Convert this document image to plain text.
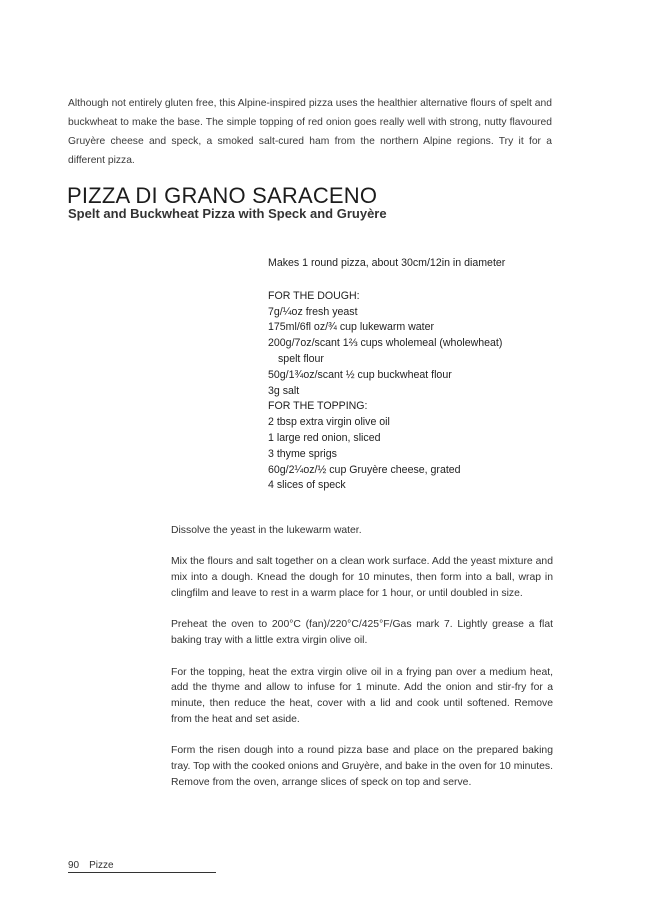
Although not entirely gluten free, this Alpine-inspired pizza uses the healthier alternative flours of spelt and buckwheat to make the base. The simple topping of red onion goes really well with strong, nutty flavoured Gruyère cheese and speck, a smoked salt-cured ham from the northern Alpine regions. Try it for a different pizza.

PIZZA DI GRANO SARACENO
Spelt and Buckwheat Pizza with Speck and Gruyère

Makes 1 round pizza, about 30cm/12in in diameter

FOR THE DOUGH:

7g/¼oz fresh yeast
175ml/6fl oz/¾ cup lukewarm water
200g/7oz/scant 1⅔ cups wholemeal (wholewheat)
spelt flour
50g/1¾oz/scant ½ cup buckwheat flour
3g salt

FOR THE TOPPING:

2 tbsp extra virgin olive oil
1 large red onion, sliced
3 thyme sprigs
60g/2¼oz/½ cup Gruyère cheese, grated
4 slices of speck

Dissolve the yeast in the lukewarm water.

Mix the flours and salt together on a clean work surface. Add the yeast mixture and mix into a dough. Knead the dough for 10 minutes, then form into a ball, wrap in clingfilm and leave to rest in a warm place for 1 hour, or until doubled in size.

Preheat the oven to 200°C (fan)/220°C/425°F/Gas mark 7. Lightly grease a flat baking tray with a little extra virgin olive oil.

For the topping, heat the extra virgin olive oil in a frying pan over a medium heat, add the thyme and allow to infuse for 1 minute. Add the onion and stir-fry for a minute, then reduce the heat, cover with a lid and cook until softened. Remove from the heat and set aside.

Form the risen dough into a round pizza base and place on the prepared baking tray. Top with the cooked onions and Gruyère, and bake in the oven for 10 minutes. Remove from the oven, arrange slices of speck on top and serve.

90 Pizze
